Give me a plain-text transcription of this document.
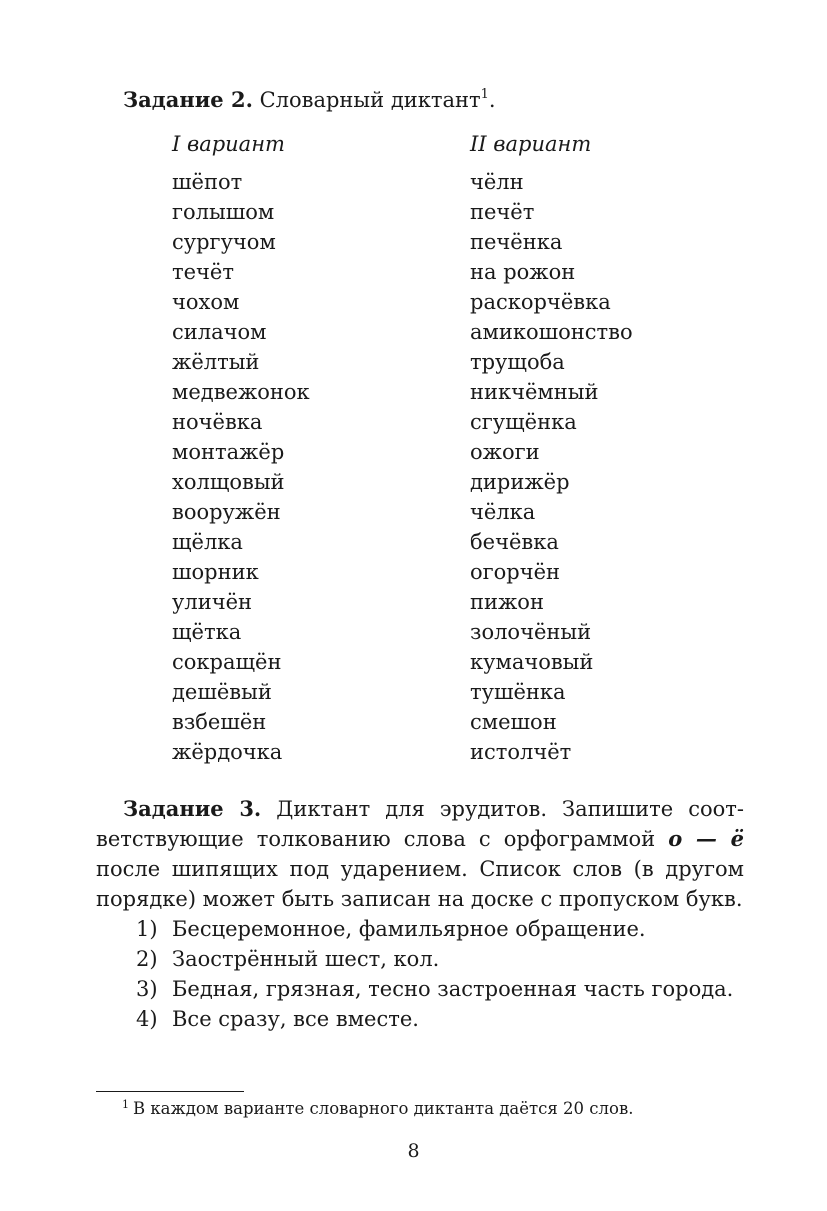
Задание 2. Словарный диктант$^1$.
I вариант
шёпот
голышом
сургучом
течёт
чохом
силачом
жёлтый
медвежонок
ночёвка
монтажёр
холщовый
вооружён
щёлка
шорник
уличён
щётка
сокращён
дешёвый
взбешён
жёрдочка
II вариант
чёлн
печёт
печёнка
на рожон
раскорчёвка
амикошонство
трущоба
никчёмный
сгущёнка
ожоги
дирижёр
чёлка
бечёвка
огорчён
пижон
золочёный
кумачовый
тушёнка
смешон
истолчёт

Задание 3. Диктант для эрудитов. Запишите соответствующие толкованию слова с орфограммой о — ё после шипящих под ударением. Список слов (в другом порядке) может быть записан на доске с пропуском букв.

1) Бесцеремонное, фамильярное обращение.
2) Заострённый шест, кол.
3) Бедная, грязная, тесно застроенная часть города.
4) Все сразу, все вместе.
$^1$ В каждом варианте словарного диктанта даётся 20 слов.
8
